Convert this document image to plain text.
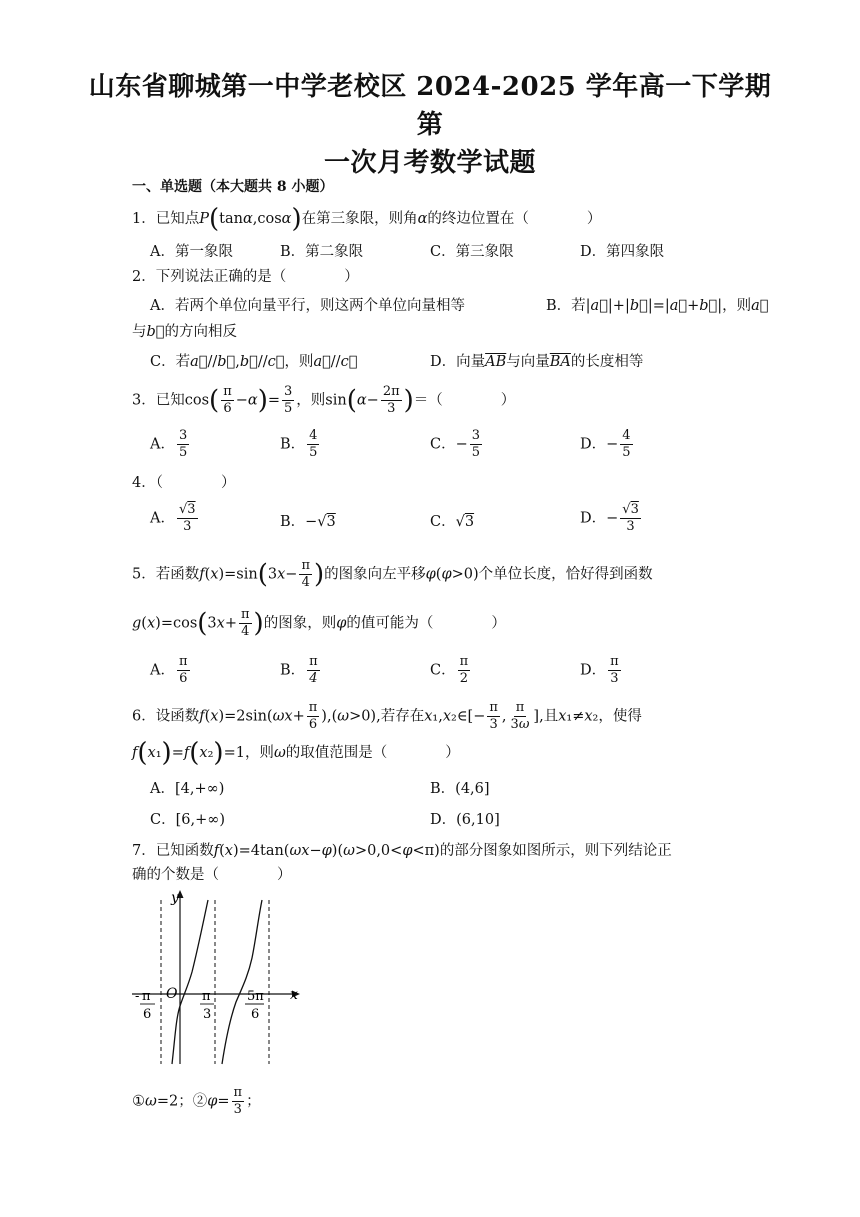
山东省聊城第一中学老校区 2024-2025 学年高一下学期第
一次月考数学试题
一、单选题（本大题共 8 小题）
1．已知点P(tanα,cosα)在第三象限，则角α的终边位置在（　　　　）
A．第一象限	B．第二象限	C．第三象限	D．第四象限
2．下列说法正确的是（　　　　）
A．若两个单位向量平行，则这两个单位向量相等	B．若|a⃗|+|b⃗|=|a⃗+b⃗|，则a⃗
与b⃗的方向相反
C．若a⃗//b⃗,b⃗//c⃗，则a⃗//c⃗	D．向量$\overline{AB}$与向量$\overline{BA}$的长度相等
3．已知$\cos( \frac{\pi}{6} -\alpha)= \frac{3}{5}$ ，则$\sin(\alpha- \frac{2\pi}{3}$ )＝（　　　　）
A． $\frac{3}{5}$	B． $\frac{4}{5}$	C．− $\frac{3}{5}$	D．− $\frac{4}{5}$
4．（　　　　）
A． $\frac{√3}{3}$	B．−√3	C．√3	D．− $\frac{√3}{3}$
5．若函数$f(x)=\sin(3x- \frac{\pi}{4}$ )的图象向左平移φ(φ>0)个单位长度，恰好得到函数
$g(x)=\cos(3x+ \frac{\pi}{4}$ )的图象，则φ的值可能为（　　　　）
A． $\frac{\pi}{6}$	B． $\frac{\pi}{4}$	C． $\frac{\pi}{2}$	D． $\frac{\pi}{3}$
6．设函数$f(x)=2\sin(\omega x+ \frac{\pi}{6} ),(\omega>0)$,若存在x₁,x₂∈[− $\frac{\pi}{3}$ , $\frac{\pi}{3\omega}$ ],且x₁≠x₂，使得
f(x₁)=f(x₂)=1，则ω的取值范围是（　　　　）
A．[4,+∞)	B．(4,6]
C．[6,+∞)	D．(6,10]
7．已知函数f(x)=4tan(ωx−φ)(ω>0,0<φ<π)的部分图象如图所示，则下列结论正
确的个数是（　　　　）
y
x
O
- π
6
π
3
5π
6
①ω=2；②φ= $\frac{\pi}{3}$ ；
